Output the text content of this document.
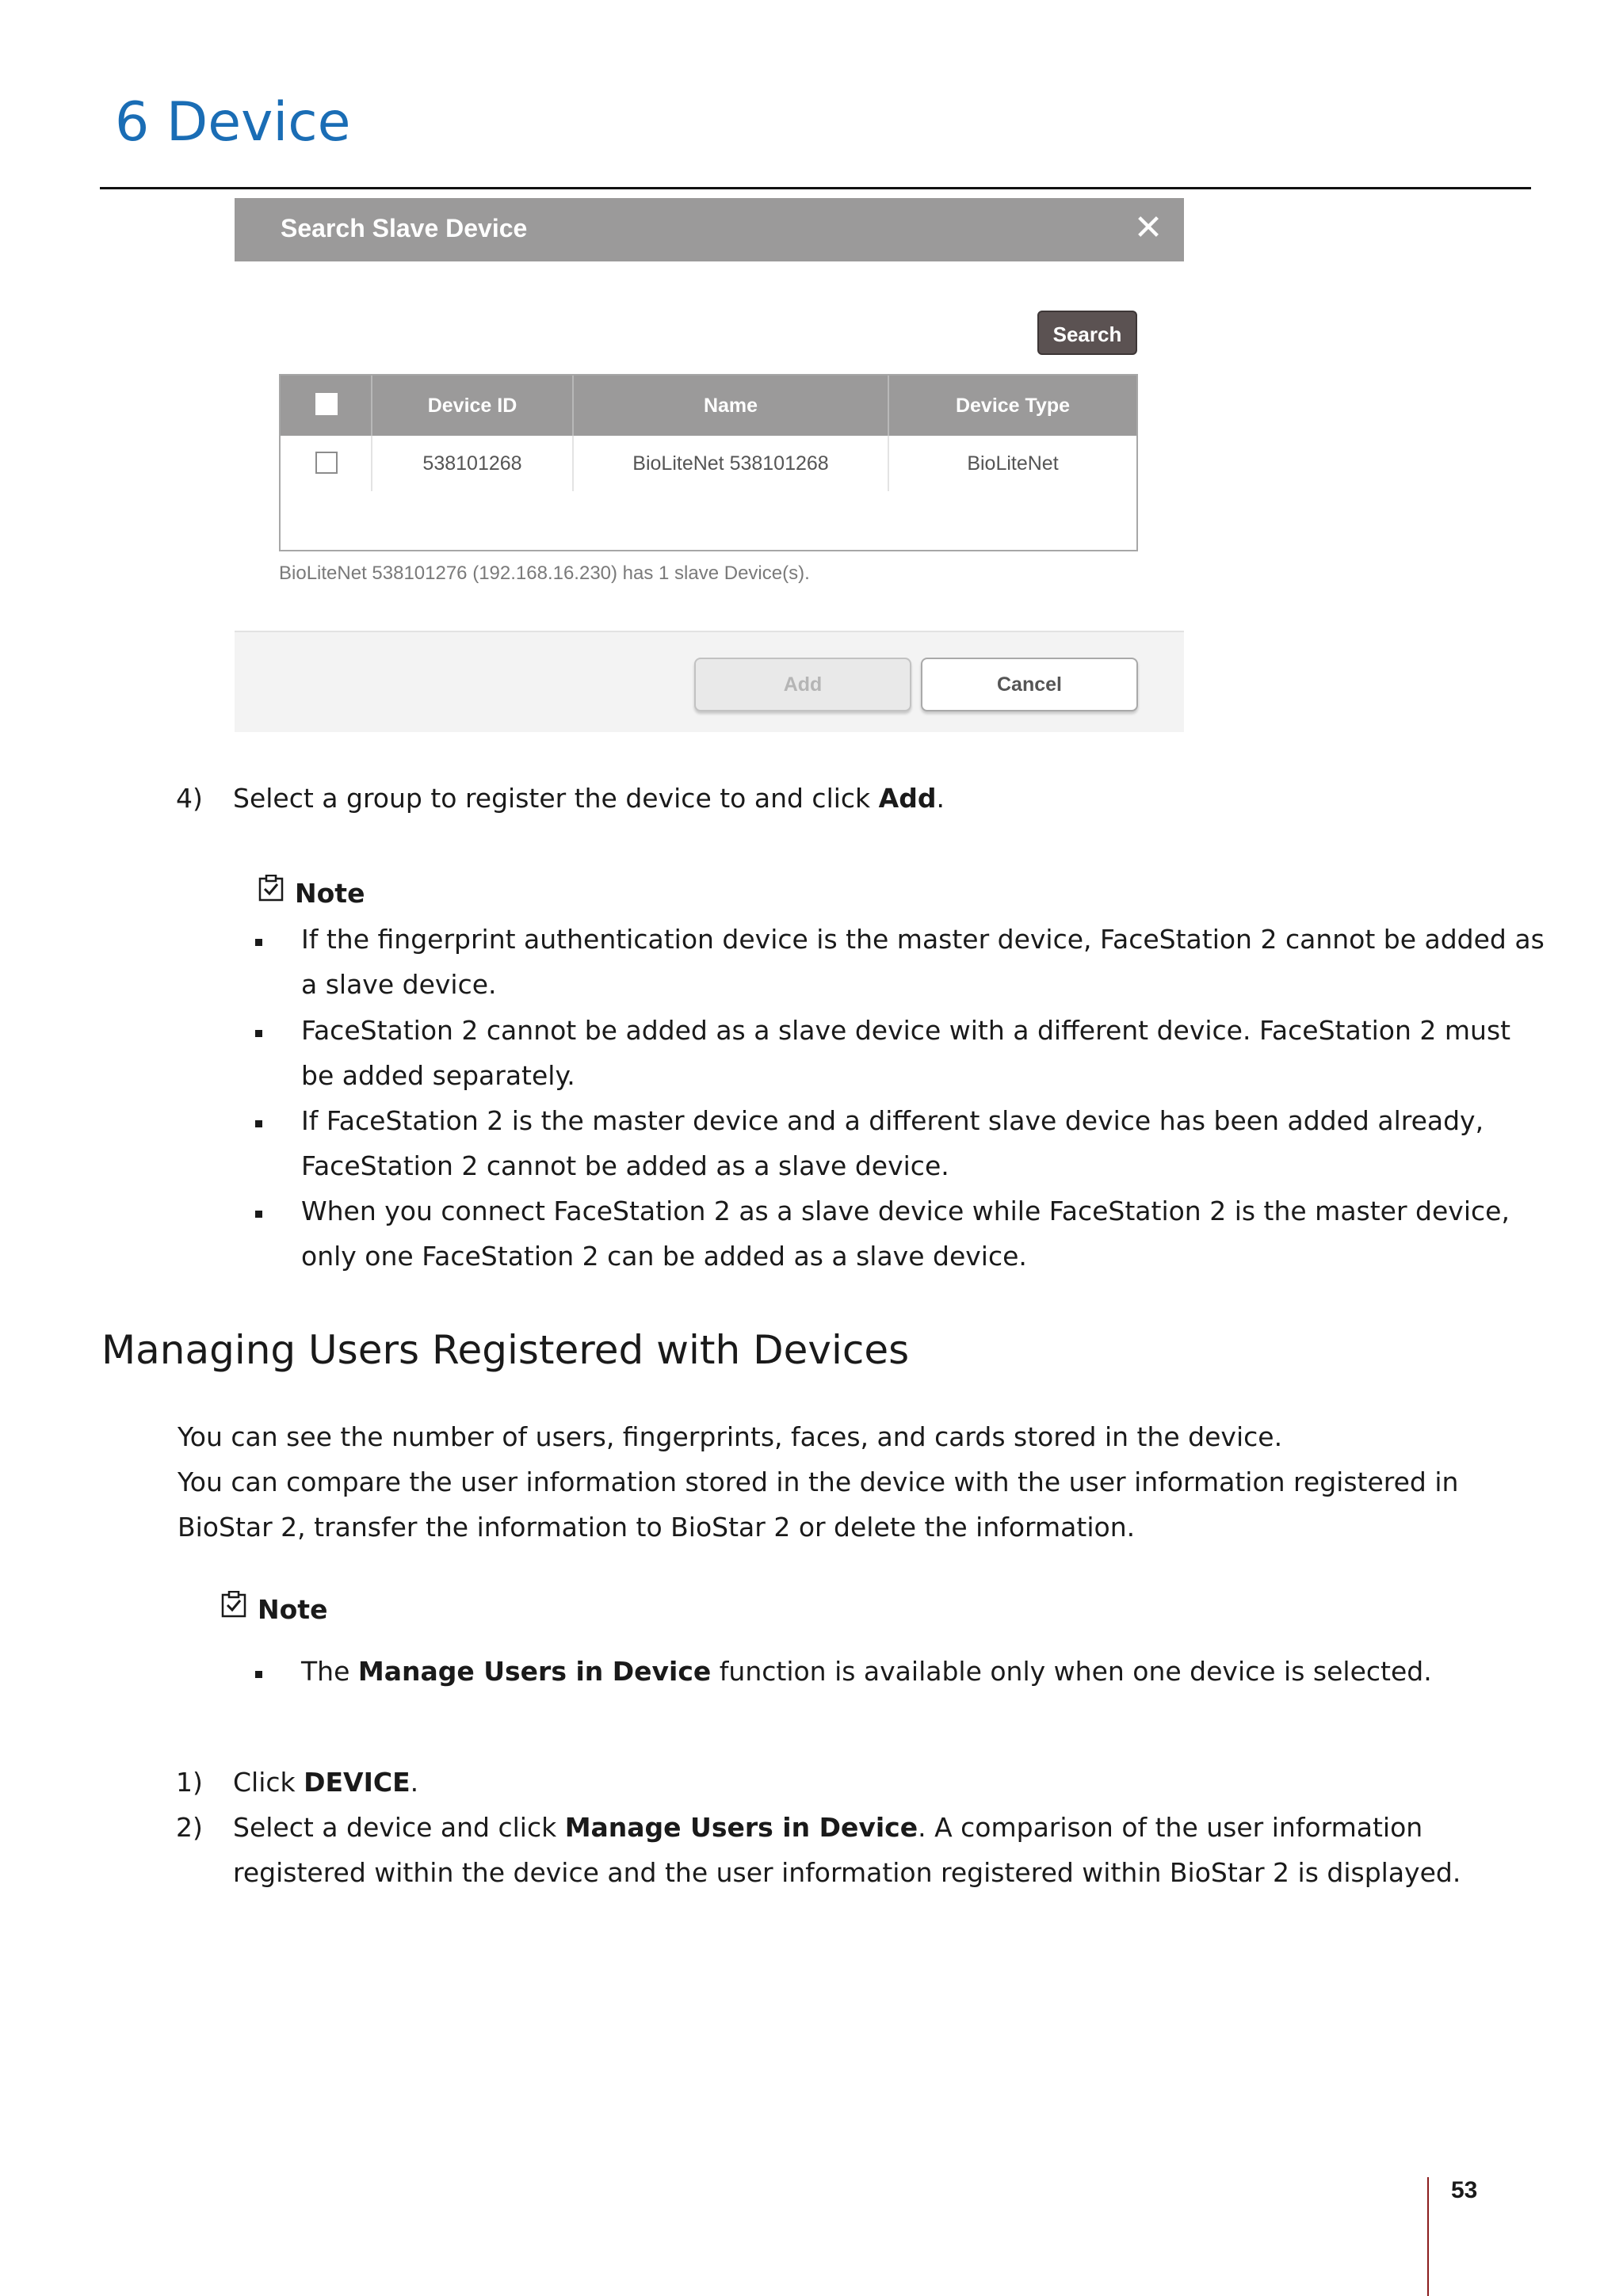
6 Device
Search Slave Device	✕
Search
Device ID	Name	Device Type
538101268	BioLiteNet 538101268	BioLiteNet
BioLiteNet 538101276 (192.168.16.230) has 1 slave Device(s).
Add	Cancel
4) Select a group to register the device to and click Add.
Note
If the fingerprint authentication device is the master device, FaceStation 2 cannot be added as
a slave device.
FaceStation 2 cannot be added as a slave device with a different device. FaceStation 2 must
be added separately.
If FaceStation 2 is the master device and a different slave device has been added already,
FaceStation 2 cannot be added as a slave device.
When you connect FaceStation 2 as a slave device while FaceStation 2 is the master device,
only one FaceStation 2 can be added as a slave device.
Managing Users Registered with Devices
You can see the number of users, fingerprints, faces, and cards stored in the device.
You can compare the user information stored in the device with the user information registered in
BioStar 2, transfer the information to BioStar 2 or delete the information.
Note
The Manage Users in Device function is available only when one device is selected.
1) Click DEVICE.
2) Select a device and click Manage Users in Device. A comparison of the user information
registered within the device and the user information registered within BioStar 2 is displayed.
53
